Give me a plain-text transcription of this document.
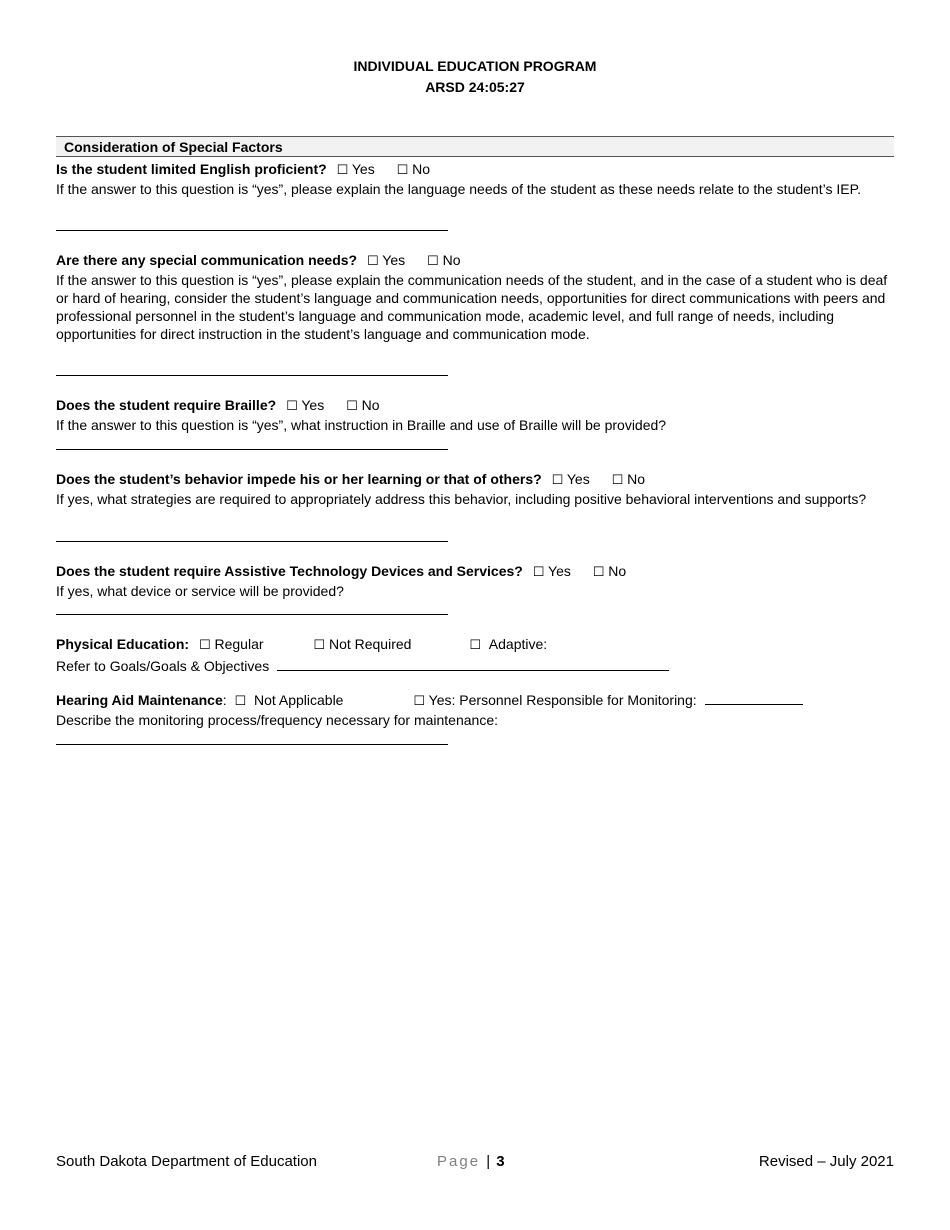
INDIVIDUAL EDUCATION PROGRAM
ARSD 24:05:27
Consideration of Special Factors

Is the student limited English proficient? ☐ Yes ☐ No

If the answer to this question is “yes”, please explain the language needs of the student as these needs relate to the student’s IEP.

Are there any special communication needs? ☐ Yes ☐ No

If the answer to this question is “yes”, please explain the communication needs of the student, and in the case of a student who is deaf or hard of hearing, consider the student’s language and communication needs, opportunities for direct communications with peers and professional personnel in the student’s language and communication mode, academic level, and full range of needs, including opportunities for direct instruction in the student’s language and communication mode.

Does the student require Braille? ☐ Yes ☐ No

If the answer to this question is “yes”, what instruction in Braille and use of Braille will be provided?

Does the student’s behavior impede his or her learning or that of others? ☐ Yes ☐ No

If yes, what strategies are required to appropriately address this behavior, including positive behavioral interventions and supports?

Does the student require Assistive Technology Devices and Services? ☐ Yes ☐ No

If yes, what device or service will be provided?

Physical Education: ☐ Regular	☐ Not Required	☐ Adaptive:

Refer to Goals/Goals & Objectives

Hearing Aid Maintenance: ☐ Not Applicable	☐ Yes: Personnel Responsible for Monitoring:

Describe the monitoring process/frequency necessary for maintenance:

South Dakota Department of Education	Page | 3	Revised – July 2021
